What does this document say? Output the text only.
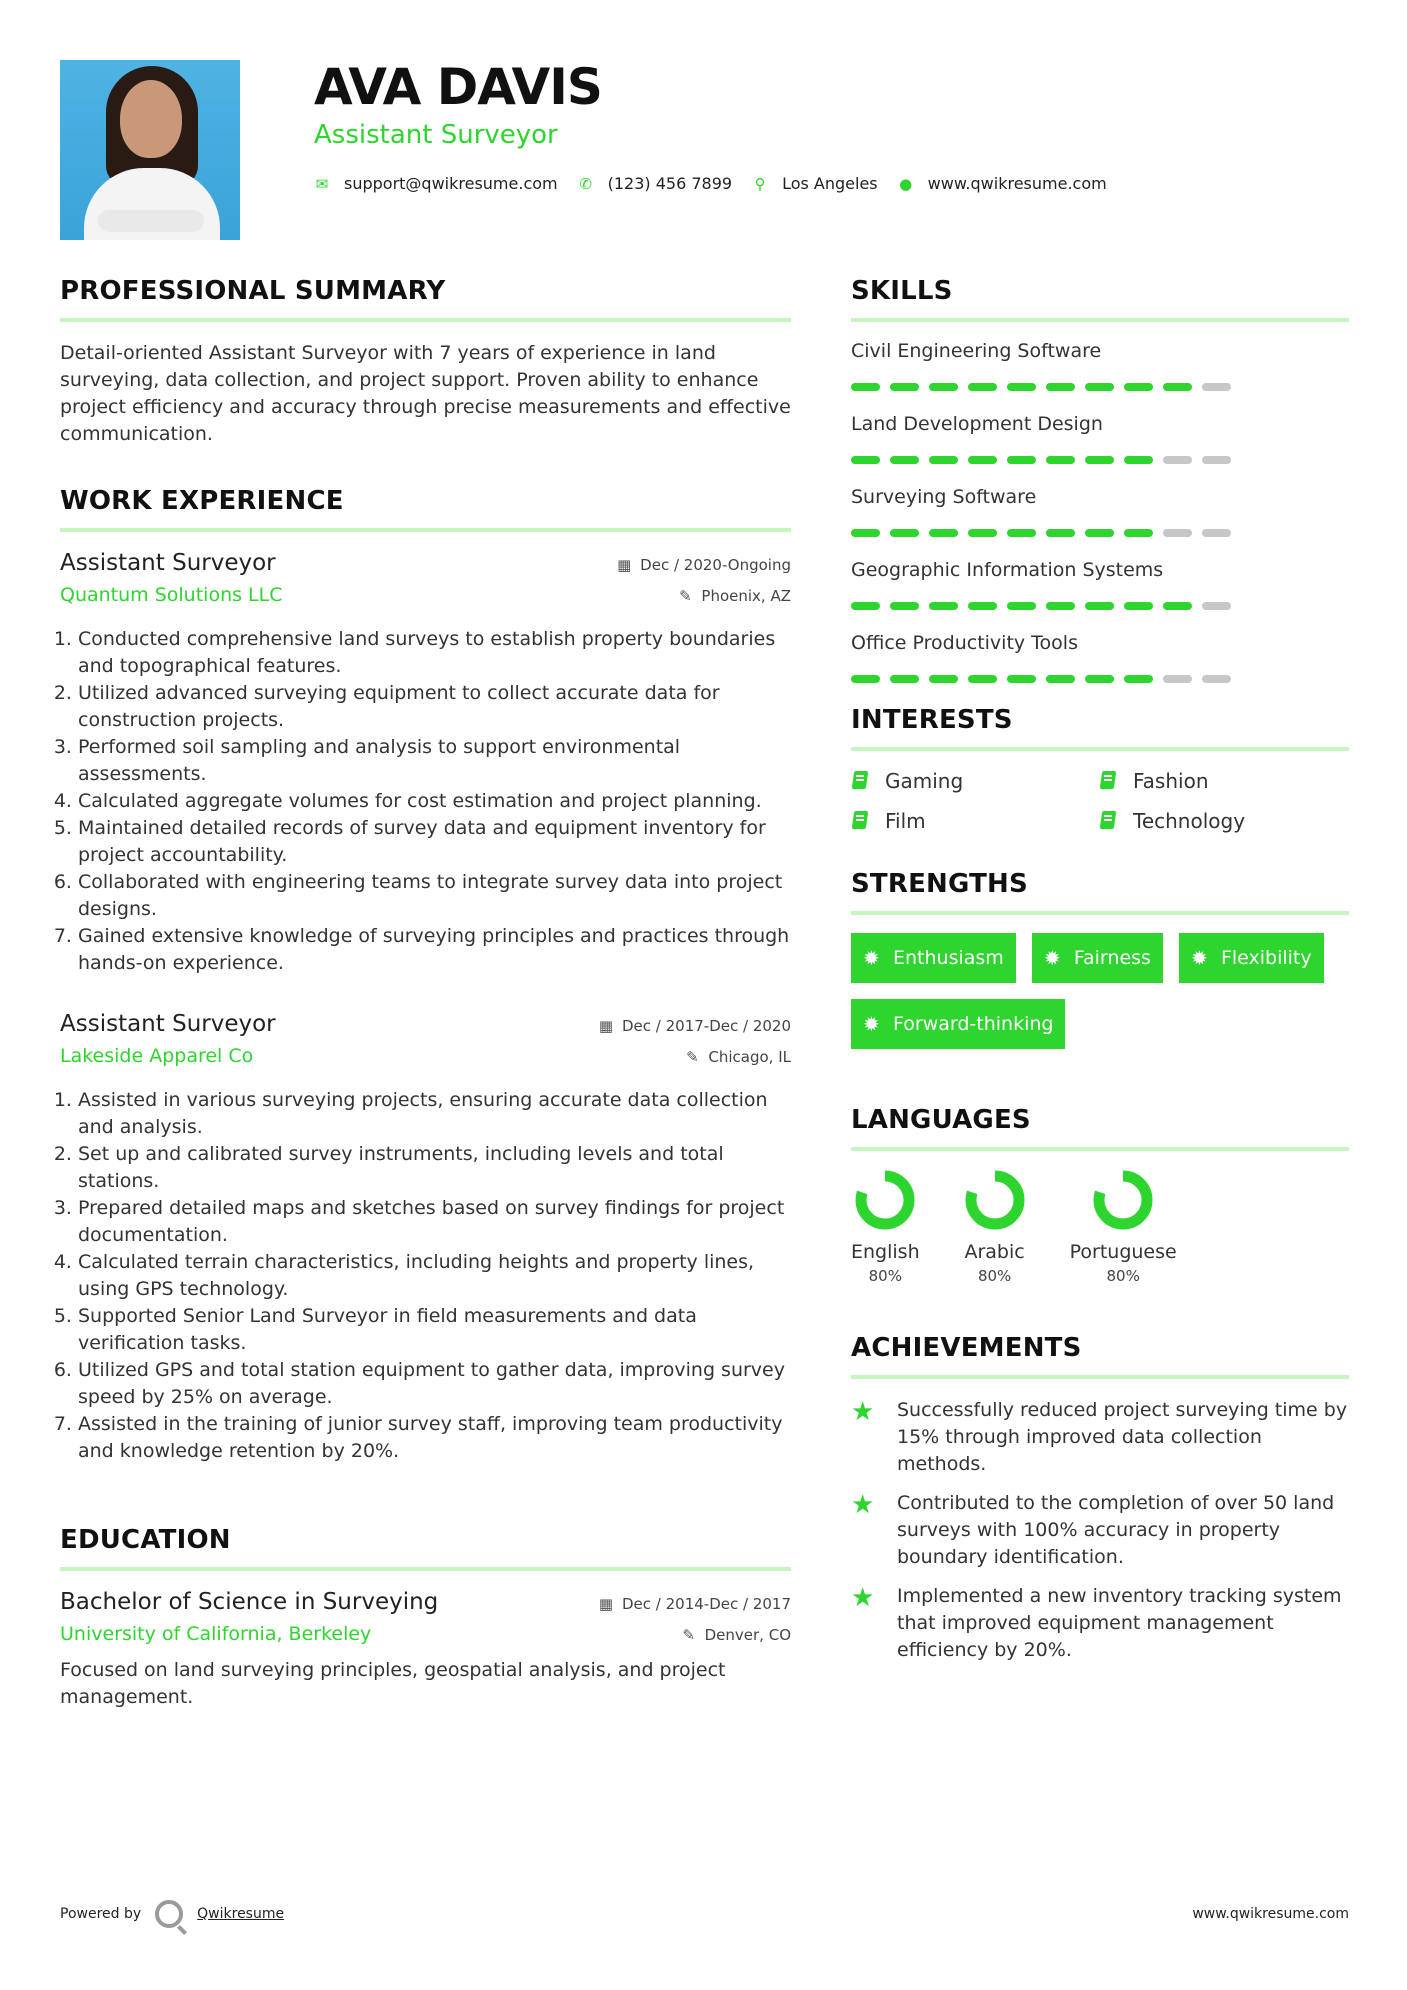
AVA DAVIS
Assistant Surveyor
✉ support@qwikresume.com ✆ (123) 456 7899 ⚲ Los Angeles ● www.qwikresume.com
PROFESSIONAL SUMMARY
Detail-oriented Assistant Surveyor with 7 years of experience in land surveying, data collection, and project support. Proven ability to enhance project efficiency and accuracy through precise measurements and effective communication.
WORK EXPERIENCE
Assistant Surveyor	▦ Dec / 2020-Ongoing
Quantum Solutions LLC	✎ Phoenix, AZ
1. Conducted comprehensive land surveys to establish property boundaries and topographical features.
2. Utilized advanced surveying equipment to collect accurate data for construction projects.
3. Performed soil sampling and analysis to support environmental assessments.
4. Calculated aggregate volumes for cost estimation and project planning.
5. Maintained detailed records of survey data and equipment inventory for project accountability.
6. Collaborated with engineering teams to integrate survey data into project designs.
7. Gained extensive knowledge of surveying principles and practices through hands-on experience.
Assistant Surveyor	▦ Dec / 2017-Dec / 2020
Lakeside Apparel Co	✎ Chicago, IL
1. Assisted in various surveying projects, ensuring accurate data collection and analysis.
2. Set up and calibrated survey instruments, including levels and total stations.
3. Prepared detailed maps and sketches based on survey findings for project documentation.
4. Calculated terrain characteristics, including heights and property lines, using GPS technology.
5. Supported Senior Land Surveyor in field measurements and data verification tasks.
6. Utilized GPS and total station equipment to gather data, improving survey speed by 25% on average.
7. Assisted in the training of junior survey staff, improving team productivity and knowledge retention by 20%.
EDUCATION
Bachelor of Science in Surveying	▦ Dec / 2014-Dec / 2017
University of California, Berkeley	✎ Denver, CO
Focused on land surveying principles, geospatial analysis, and project management.
SKILLS
Civil Engineering Software
Land Development Design
Surveying Software
Geographic Information Systems
Office Productivity Tools
INTERESTS
Gaming	Fashion
Film	Technology
STRENGTHS
✹
Enthusiasm ✹	Fairness ✹	Flexibility
✹
Forward-thinking
LANGUAGES
English
80%
Arabic
80%
Portuguese
80%
ACHIEVEMENTS
★	Successfully reduced project surveying time by 15% through improved data collection methods.
★	Contributed to the completion of over 50 land surveys with 100% accuracy in property boundary identification.
★	Implemented a new inventory tracking system that improved equipment management efficiency by 20%.
Powered by	Qwikresume	www.qwikresume.com
